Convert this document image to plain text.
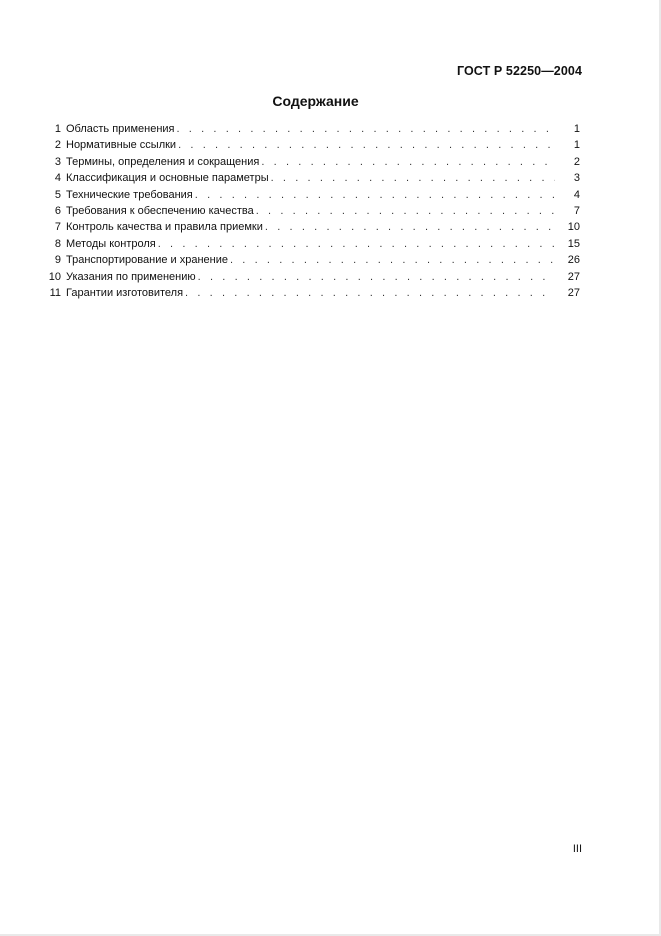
ГОСТ Р 52250—2004
Содержание
1 Область применения . . .	1
2 Нормативные ссылки . . .	1
3 Термины, определения и сокращения . . .	2
4 Классификация и основные параметры . . .	3
5 Технические требования . . .	4
6 Требования к обеспечению качества . . .	7
7 Контроль качества и правила приемки . . .	10
8 Методы контроля . . .	15
9 Транспортирование и хранение . . .	26
10 Указания по применению . . .	27
11 Гарантии изготовителя . . .	27
III
